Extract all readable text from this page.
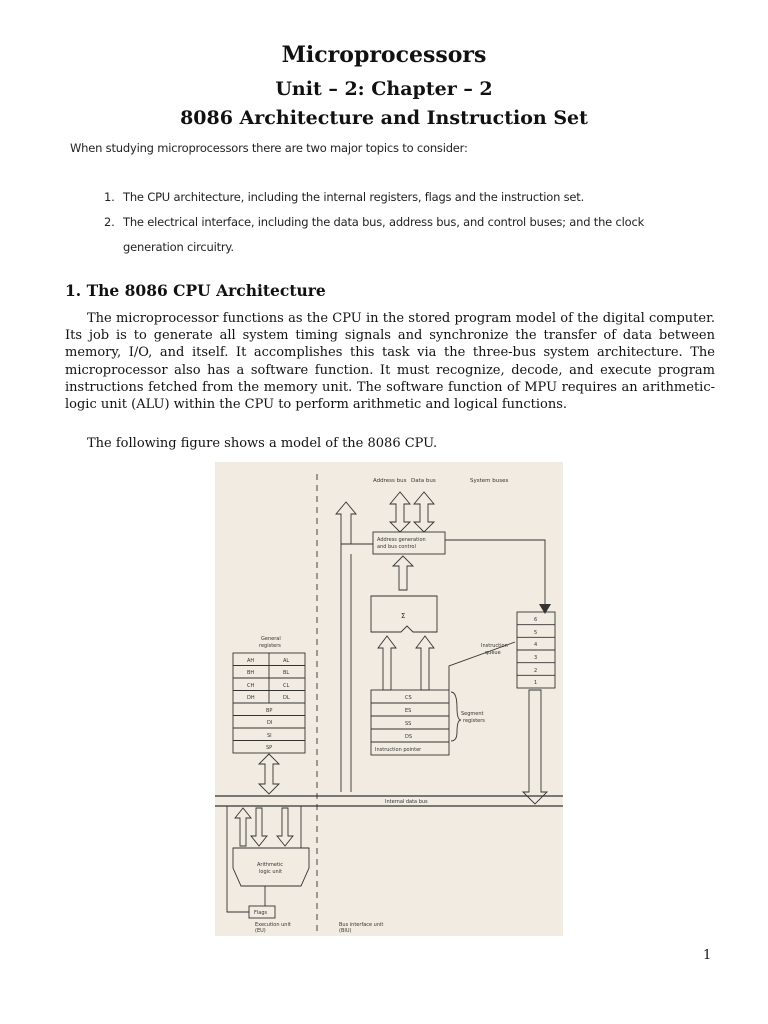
Microprocessors
Unit – 2: Chapter – 2
8086 Architecture and Instruction Set
When studying microprocessors there are two major topics to consider:
1. The CPU architecture, including the internal registers, flags and the instruction set.
2. The electrical interface, including the data bus, address bus, and control buses; and the clock generation circuitry.
1. The 8086 CPU Architecture

The microprocessor functions as the CPU in the stored program model of the digital computer. Its job is to generate all system timing signals and synchronize the transfer of data between memory, I/O, and itself. It accomplishes this task via the three-bus system architecture. The microprocessor also has a software function. It must recognize, decode, and execute program instructions fetched from the memory unit. The software function of MPU requires an arithmetic-logic unit (ALU) within the CPU to perform arithmetic and logical functions.

The following figure shows a model of the 8086 CPU.

Address bus Data bus	System buses
Address generation
and bus control
Σ	6
5
4
3
2
1
Instruction
queue
General
registers
AH	AL
BH	BL
CH	CL
DH	DL
BP
DI
SI
SP
CS
ES
SS
DS
Instruction pointer
Segment
registers
Internal data bus
Arithmetic
logic unit
Flags
Execution unit
(EU)
Bus interface unit
(BIU)
1
